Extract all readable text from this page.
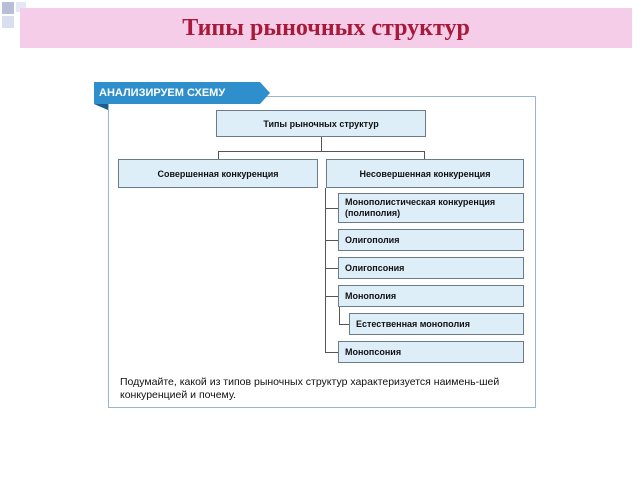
Типы рыночных структур
АНАЛИЗИРУЕМ СХЕМУ
Типы рыночных структур
Совершенная конкуренция	Несовершенная конкуренция
Монополистическая конкуренция (полиполия)
Олигополия
Олигопсония
Монополия
Естественная монополия
Монопсония
Подумайте, какой из типов рыночных структур характеризуется наимень-шей конкуренцией и почему.
